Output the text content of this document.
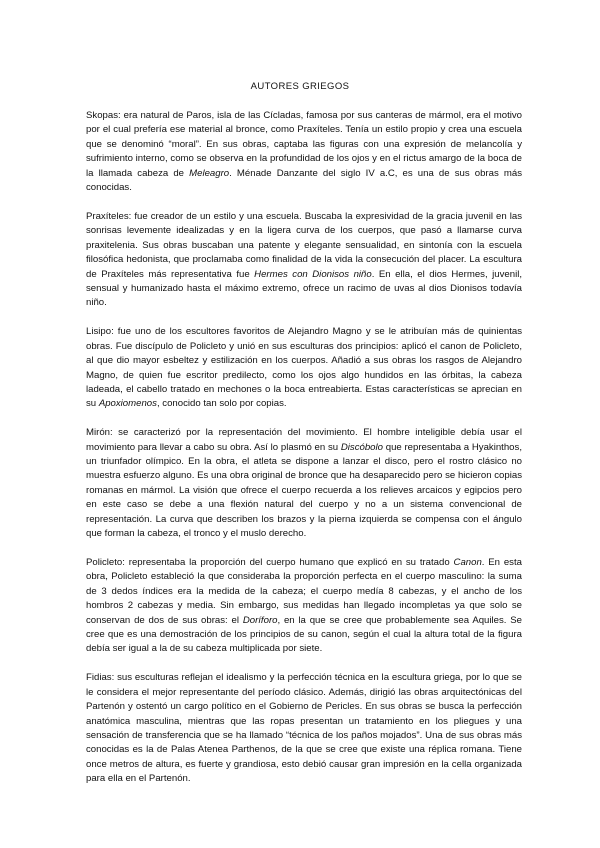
AUTORES GRIEGOS

Skopas: era natural de Paros, isla de las Cícladas, famosa por sus canteras de mármol, era el motivo por el cual prefería ese material al bronce, como Praxíteles. Tenía un estilo propio y crea una escuela que se denominó “moral”. En sus obras, captaba las figuras con una expresión de melancolía y sufrimiento interno, como se observa en la profundidad de los ojos y en el rictus amargo de la boca de la llamada cabeza de Meleagro. Ménade Danzante del siglo IV a.C, es una de sus obras más conocidas.

Praxíteles: fue creador de un estilo y una escuela. Buscaba la expresividad de la gracia juvenil en las sonrisas levemente idealizadas y en la ligera curva de los cuerpos, que pasó a llamarse curva praxitelenia. Sus obras buscaban una patente y elegante sensualidad, en sintonía con la escuela filosófica hedonista, que proclamaba como finalidad de la vida la consecución del placer. La escultura de Praxíteles más representativa fue Hermes con Dionisos niño. En ella, el dios Hermes, juvenil, sensual y humanizado hasta el máximo extremo, ofrece un racimo de uvas al dios Dionisos todavía niño.

Lisipo: fue uno de los escultores favoritos de Alejandro Magno y se le atribuían más de quinientas obras. Fue discípulo de Policleto y unió en sus esculturas dos principios: aplicó el canon de Policleto, al que dio mayor esbeltez y estilización en los cuerpos. Añadió a sus obras los rasgos de Alejandro Magno, de quien fue escritor predilecto, como los ojos algo hundidos en las órbitas, la cabeza ladeada, el cabello tratado en mechones o la boca entreabierta. Estas características se aprecian en su Apoxiomenos, conocido tan solo por copias.

Mirón: se caracterizó por la representación del movimiento. El hombre inteligible debía usar el movimiento para llevar a cabo su obra. Así lo plasmó en su Discóbolo que representaba a Hyakinthos, un triunfador olímpico. En la obra, el atleta se dispone a lanzar el disco, pero el rostro clásico no muestra esfuerzo alguno. Es una obra original de bronce que ha desaparecido pero se hicieron copias romanas en mármol. La visión que ofrece el cuerpo recuerda a los relieves arcaicos y egipcios pero en este caso se debe a una flexión natural del cuerpo y no a un sistema convencional de representación. La curva que describen los brazos y la pierna izquierda se compensa con el ángulo que forman la cabeza, el tronco y el muslo derecho.

Policleto: representaba la proporción del cuerpo humano que explicó en su tratado Canon. En esta obra, Policleto estableció la que consideraba la proporción perfecta en el cuerpo masculino: la suma de 3 dedos índices era la medida de la cabeza; el cuerpo medía 8 cabezas, y el ancho de los hombros 2 cabezas y media. Sin embargo, sus medidas han llegado incompletas ya que solo se conservan de dos de sus obras: el Doríforo, en la que se cree que probablemente sea Aquiles. Se cree que es una demostración de los principios de su canon, según el cual la altura total de la figura debía ser igual a la de su cabeza multiplicada por siete.

Fidias: sus esculturas reflejan el idealismo y la perfección técnica en la escultura griega, por lo que se le considera el mejor representante del período clásico. Además, dirigió las obras arquitectónicas del Partenón y ostentó un cargo político en el Gobierno de Pericles. En sus obras se busca la perfección anatómica masculina, mientras que las ropas presentan un tratamiento en los pliegues y una sensación de transferencia que se ha llamado “técnica de los paños mojados”. Una de sus obras más conocidas es la de Palas Atenea Parthenos, de la que se cree que existe una réplica romana. Tiene once metros de altura, es fuerte y grandiosa, esto debió causar gran impresión en la cella organizada para ella en el Partenón.
